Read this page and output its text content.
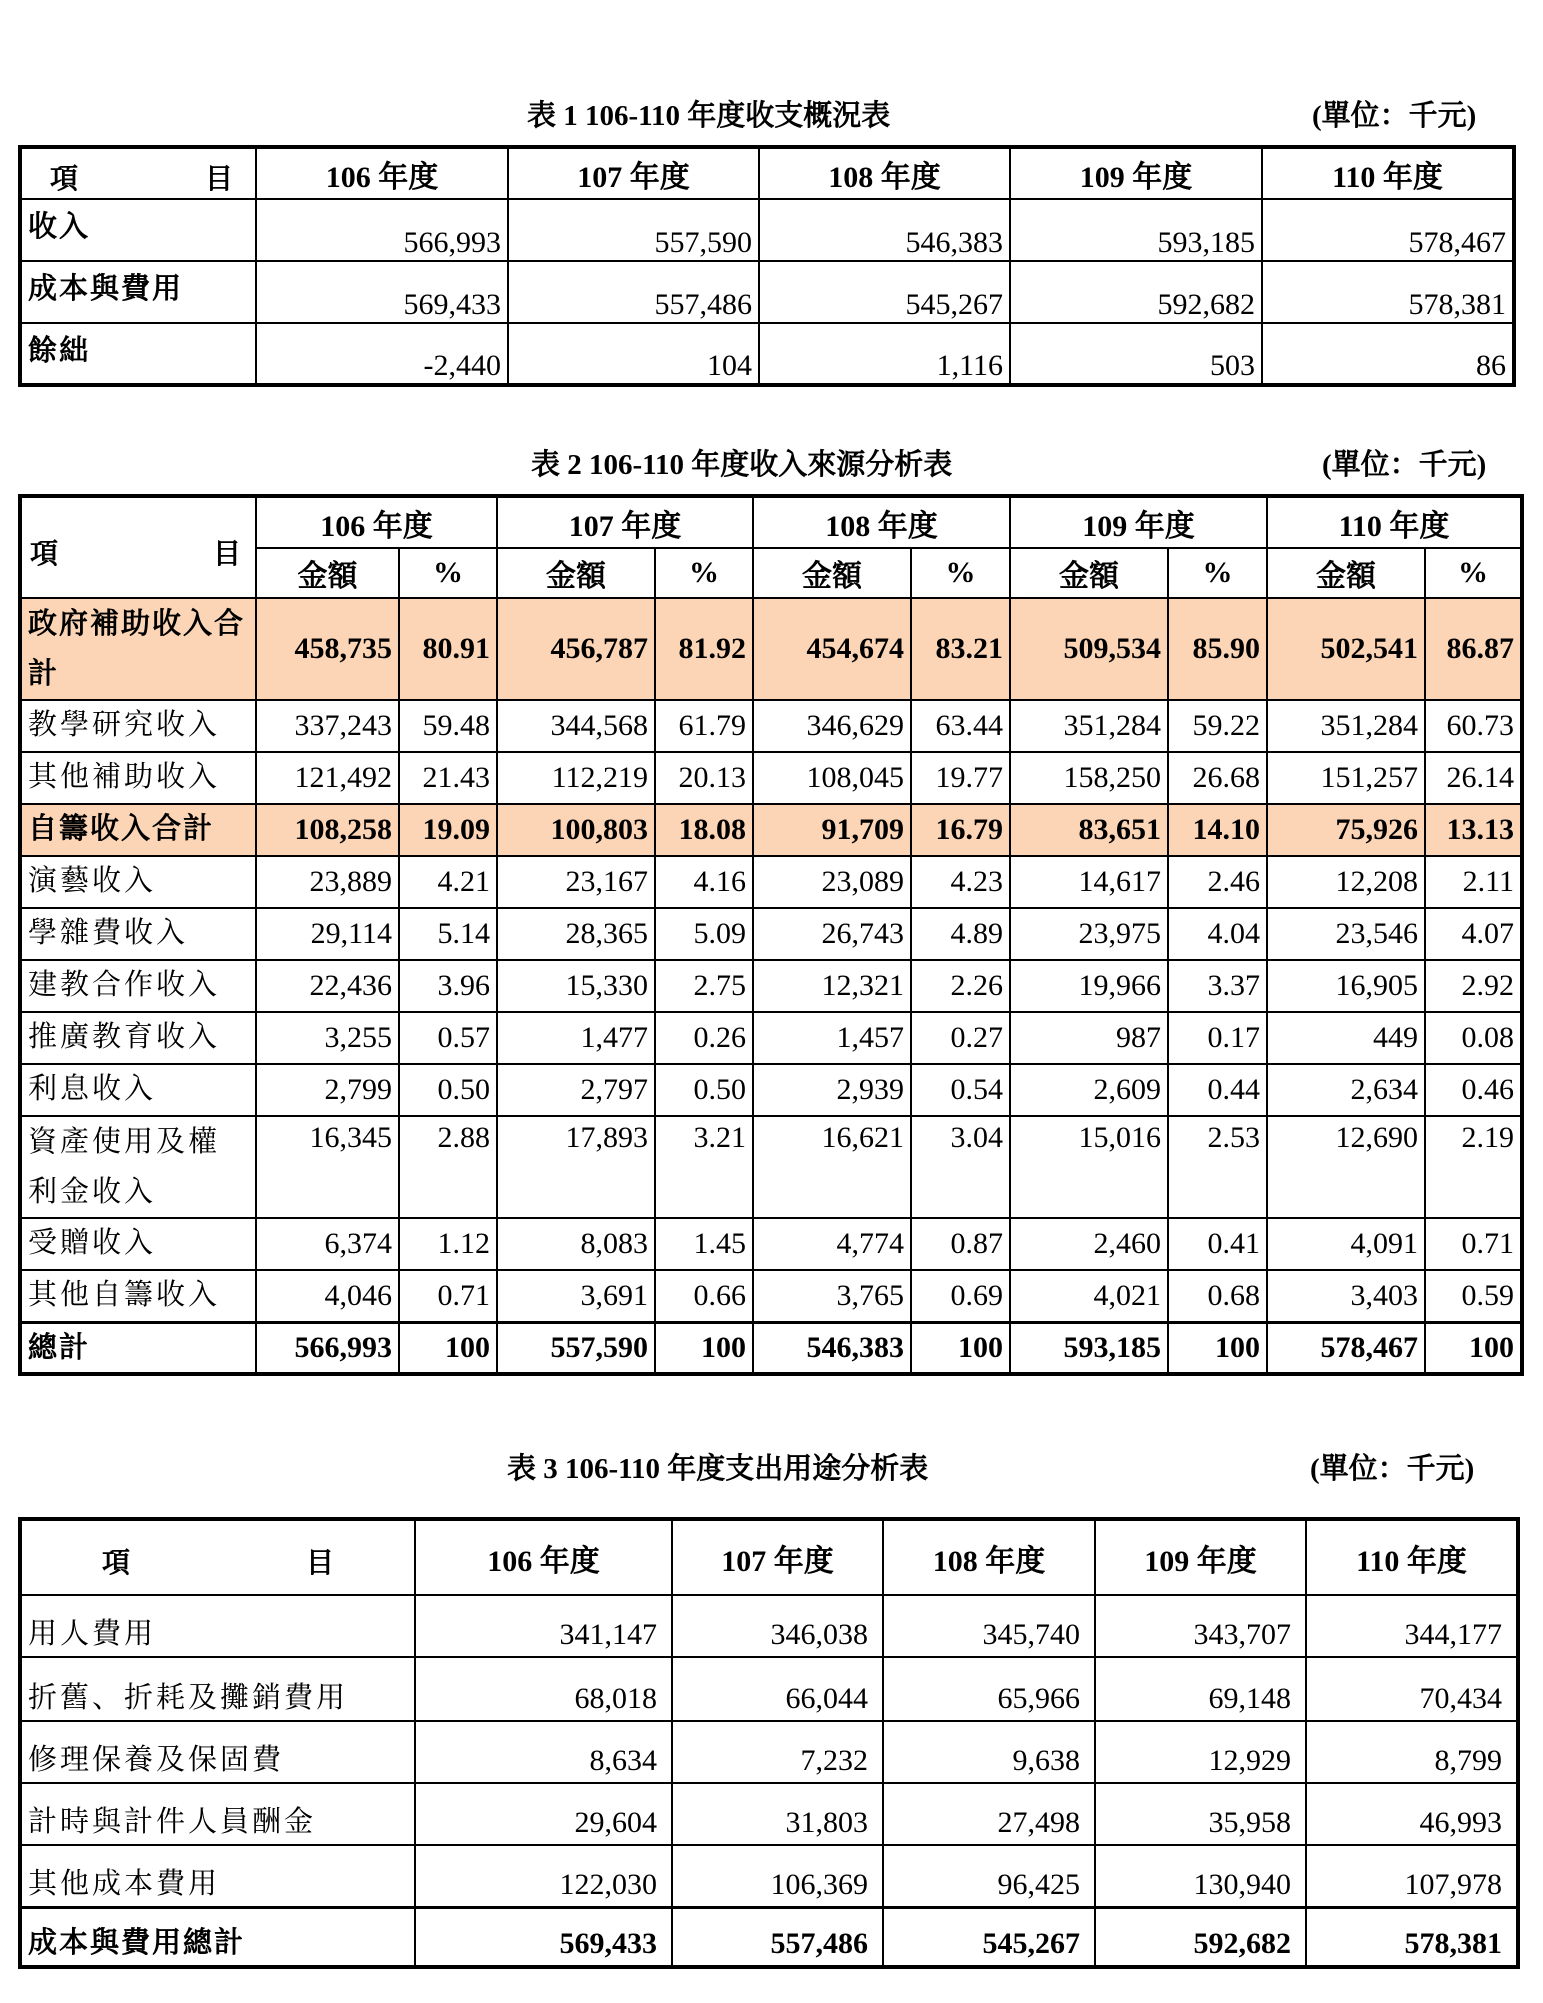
表 1 106-110 年度收支概況表	(單位：千元)
項 目	106 年度	107 年度	108 年度	109 年度	110 年度
收入	566,993	557,590	546,383	593,185	578,467
成本與費用	569,433	557,486	545,267	592,682	578,381
餘絀	-2,440	104	1,116	503	86
表 2 106-110 年度收入來源分析表	(單位：千元)
項 目	106 年度		107 年度		108 年度		109 年度		110 年度	
	金額	%	金額	%	金額	%	金額	%	金額	%
政府補助收入合計	458,735	80.91	456,787	81.92	454,674	83.21	509,534	85.90	502,541	86.87
教學研究收入	337,243	59.48	344,568	61.79	346,629	63.44	351,284	59.22	351,284	60.73
其他補助收入	121,492	21.43	112,219	20.13	108,045	19.77	158,250	26.68	151,257	26.14
自籌收入合計	108,258	19.09	100,803	18.08	91,709	16.79	83,651	14.10	75,926	13.13
演藝收入	23,889	4.21	23,167	4.16	23,089	4.23	14,617	2.46	12,208	2.11
學雜費收入	29,114	5.14	28,365	5.09	26,743	4.89	23,975	4.04	23,546	4.07
建教合作收入	22,436	3.96	15,330	2.75	12,321	2.26	19,966	3.37	16,905	2.92
推廣教育收入	3,255	0.57	1,477	0.26	1,457	0.27	987	0.17	449	0.08
利息收入	2,799	0.50	2,797	0.50	2,939	0.54	2,609	0.44	2,634	0.46
資產使用及權利金收入	16,345	2.88	17,893	3.21	16,621	3.04	15,016	2.53	12,690	2.19
受贈收入	6,374	1.12	8,083	1.45	4,774	0.87	2,460	0.41	4,091	0.71
其他自籌收入	4,046	0.71	3,691	0.66	3,765	0.69	4,021	0.68	3,403	0.59
總計	566,993	100	557,590	100	546,383	100	593,185	100	578,467	100
表 3 106-110 年度支出用途分析表	(單位：千元)
項 目	106 年度	107 年度	108 年度	109 年度	110 年度
用人費用	341,147	346,038	345,740	343,707	344,177
折舊、折耗及攤銷費用	68,018	66,044	65,966	69,148	70,434
修理保養及保固費	8,634	7,232	9,638	12,929	8,799
計時與計件人員酬金	29,604	31,803	27,498	35,958	46,993
其他成本費用	122,030	106,369	96,425	130,940	107,978
成本與費用總計	569,433	557,486	545,267	592,682	578,381
